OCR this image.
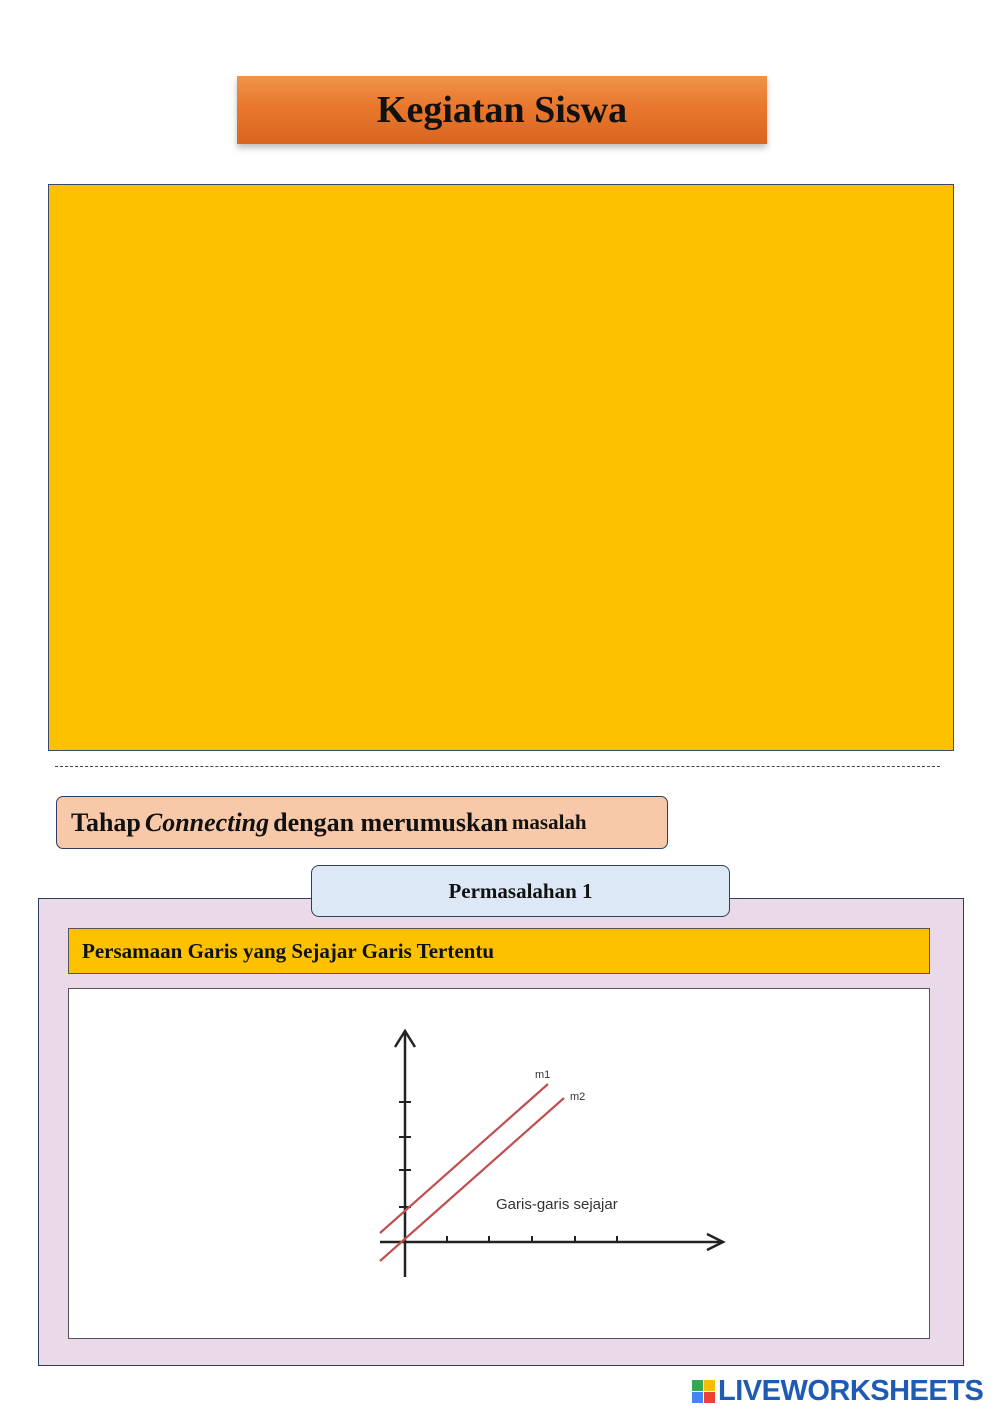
Kegiatan Siswa
Tahap
Connecting
dengan merumuskan
masalah
Permasalahan 1
Persamaan Garis yang Sejajar Garis Tertentu
m1
m2
Garis-garis sejajar
LIVEWORKSHEETS
